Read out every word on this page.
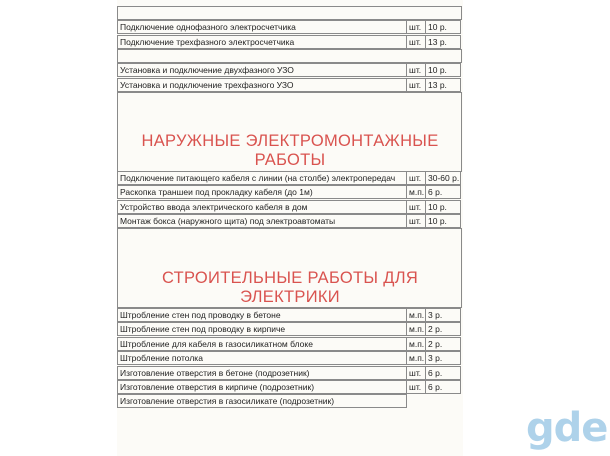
Подключение однофазного электросчетчика	шт. 10 р.
Подключение трехфазного электросчетчика	шт. 13 р.
Установка и подключение двухфазного УЗО	шт. 10 р.
Установка и подключение трехфазного УЗО	шт. 13 р.
НАРУЖНЫЕ ЭЛЕКТРОМОНТАЖНЫЕ РАБОТЫ
Подключение питающего кабеля с линии (на столбе) электропередач	шт. 30-60 р.
Раскопка траншеи под прокладку кабеля (до 1м)	м.п. 6 р.
Устройство ввода электрического кабеля в дом	шт. 10 р.
Монтаж бокса (наружного щита) под электроавтоматы	шт. 10 р.
СТРОИТЕЛЬНЫЕ РАБОТЫ ДЛЯ ЭЛЕКТРИКИ
Штробление стен под проводку в бетоне	м.п. 3 р.
Штробление стен под проводку в кирпиче	м.п. 2 р.
Штробление для кабеля в газосиликатном блоке	м.п. 2 р.
Штробление потолка	м.п. 3 р.
Изготовление отверстия в бетоне (подрозетник)	шт. 6 р.
Изготовление отверстия в кирпиче (подрозетник)	шт. 6 р.
Изготовление отверстия в газосиликате (подрозетник)
gde
